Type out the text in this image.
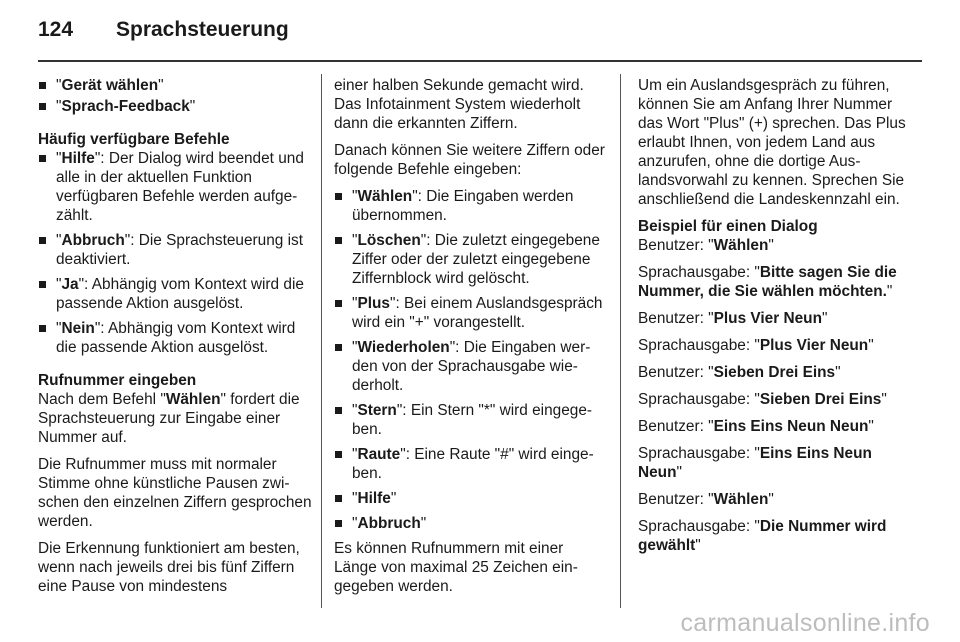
124	Sprachsteuerung
"Gerät wählen"
"Sprach-Feedback"

Häufig verfügbare Befehle

"Hilfe": Der Dialog wird beendet und alle in der aktuellen Funktion verfügbaren Befehle werden aufgezählt.
"Abbruch": Die Sprachsteuerung ist deaktiviert.
"Ja": Abhängig vom Kontext wird die passende Aktion ausgelöst.
"Nein": Abhängig vom Kontext wird die passende Aktion ausgelöst.

Rufnummer eingeben

Nach dem Befehl "Wählen" fordert die Sprachsteuerung zur Eingabe einer Nummer auf.

Die Rufnummer muss mit normaler Stimme ohne künstliche Pausen zwischen den einzelnen Ziffern gesprochen werden.

Die Erkennung funktioniert am besten, wenn nach jeweils drei bis fünf Ziffern eine Pause von mindestens

einer halben Sekunde gemacht wird. Das Infotainment System wiederholt dann die erkannten Ziffern.

Danach können Sie weitere Ziffern oder folgende Befehle eingeben:

"Wählen": Die Eingaben werden übernommen.
"Löschen": Die zuletzt eingegebene Ziffer oder der zuletzt eingegebene Ziffernblock wird gelöscht.
"Plus": Bei einem Auslandsgespräch wird ein "+" vorangestellt.
"Wiederholen": Die Eingaben werden von der Sprachausgabe wiederholt.
"Stern": Ein Stern "*" wird eingegeben.
"Raute": Eine Raute "#" wird eingeben.
"Hilfe"
"Abbruch"

Es können Rufnummern mit einer Länge von maximal 25 Zeichen eingegeben werden.

Um ein Auslandsgespräch zu führen, können Sie am Anfang Ihrer Nummer das Wort "Plus" (+) sprechen. Das Plus erlaubt Ihnen, von jedem Land aus anzurufen, ohne die dortige Auslandsvorwahl zu kennen. Sprechen Sie anschließend die Landeskennzahl ein.

Beispiel für einen Dialog

Benutzer: "Wählen"

Sprachausgabe: "Bitte sagen Sie die Nummer, die Sie wählen möchten."

Benutzer: "Plus Vier Neun"

Sprachausgabe: "Plus Vier Neun"

Benutzer: "Sieben Drei Eins"

Sprachausgabe: "Sieben Drei Eins"

Benutzer: "Eins Eins Neun Neun"

Sprachausgabe: "Eins Eins Neun Neun"

Benutzer: "Wählen"

Sprachausgabe: "Die Nummer wird gewählt"

carmanualsonline.info
